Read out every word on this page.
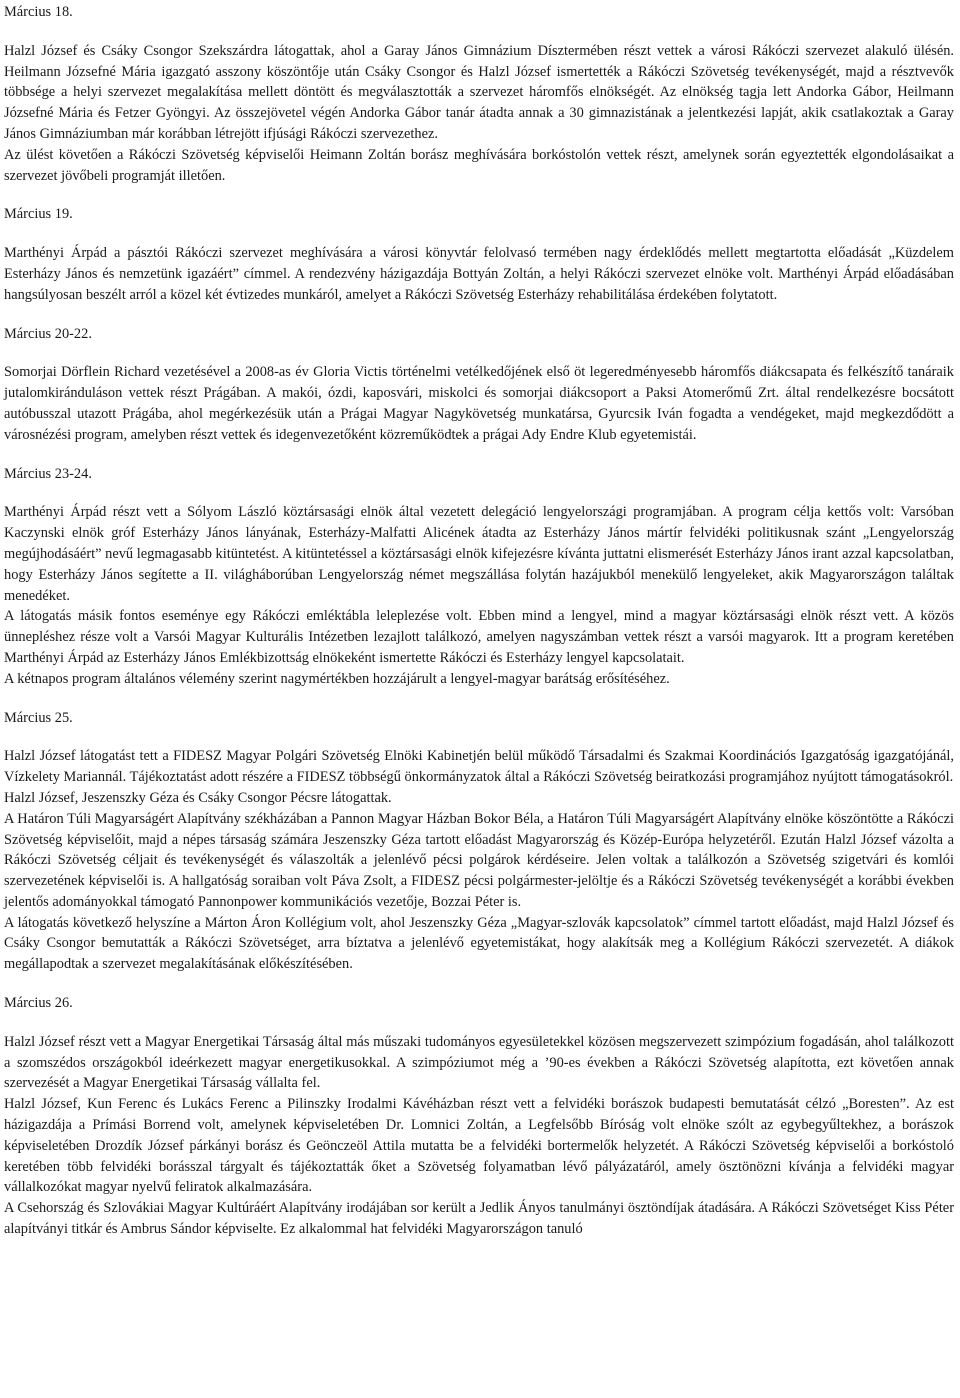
Március 18.

Halzl József és Csáky Csongor Szekszárdra látogattak, ahol a Garay János Gimnázium Dísztermében részt vettek a városi Rákóczi szervezet alakuló ülésén. Heilmann Józsefné Mária igazgató asszony köszöntője után Csáky Csongor és Halzl József ismertették a Rákóczi Szövetség tevékenységét, majd a résztvevők többsége a helyi szervezet megalakítása mellett döntött és megválasztották a szervezet háromfős elnökségét. Az elnökség tagja lett Andorka Gábor, Heilmann Józsefné Mária és Fetzer Gyöngyi. Az összejövetel végén Andorka Gábor tanár átadta annak a 30 gimnazistának a jelentkezési lapját, akik csatlakoztak a Garay János Gimnáziumban már korábban létrejött ifjúsági Rákóczi szervezethez.

Az ülést követően a Rákóczi Szövetség képviselői Heimann Zoltán borász meghívására borkóstolón vettek részt, amelynek során egyeztették elgondolásaikat a szervezet jövőbeli programját illetően.

Március 19.

Marthényi Árpád a pásztói Rákóczi szervezet meghívására a városi könyvtár felolvasó termében nagy érdeklődés mellett megtartotta előadását „Küzdelem Esterházy János és nemzetünk igazáért” címmel. A rendezvény házigazdája Bottyán Zoltán, a helyi Rákóczi szervezet elnöke volt. Marthényi Árpád előadásában hangsúlyosan beszélt arról a közel két évtizedes munkáról, amelyet a Rákóczi Szövetség Esterházy rehabilitálása érdekében folytatott.

Március 20-22.

Somorjai Dörflein Richard vezetésével a 2008-as év Gloria Victis történelmi vetélkedőjének első öt legeredményesebb háromfős diákcsapata és felkészítő tanáraik jutalomkiránduláson vettek részt Prágában. A makói, ózdi, kaposvári, miskolci és somorjai diákcsoport a Paksi Atomerőmű Zrt. által rendelkezésre bocsátott autóbusszal utazott Prágába, ahol megérkezésük után a Prágai Magyar Nagykövetség munkatársa, Gyurcsik Iván fogadta a vendégeket, majd megkezdődött a városnézési program, amelyben részt vettek és idegenvezetőként közreműködtek a prágai Ady Endre Klub egyetemistái.

Március 23-24.

Marthényi Árpád részt vett a Sólyom László köztársasági elnök által vezetett delegáció lengyelországi programjában. A program célja kettős volt: Varsóban Kaczynski elnök gróf Esterházy János lányának, Esterházy-Malfatti Alicének átadta az Esterházy János mártír felvidéki politikusnak szánt „Lengyelország megújhodásáért” nevű legmagasabb kitüntetést. A kitüntetéssel a köztársasági elnök kifejezésre kívánta juttatni elismerését Esterházy János irant azzal kapcsolatban, hogy Esterházy János segítette a II. világháborúban Lengyelország német megszállása folytán hazájukból menekülő lengyeleket, akik Magyarországon találtak menedéket.

A látogatás másik fontos eseménye egy Rákóczi emléktábla leleplezése volt. Ebben mind a lengyel, mind a magyar köztársasági elnök részt vett. A közös ünnepléshez része volt a Varsói Magyar Kulturális Intézetben lezajlott találkozó, amelyen nagyszámban vettek részt a varsói magyarok. Itt a program keretében Marthényi Árpád az Esterházy János Emlékbizottság elnökeként ismertette Rákóczi és Esterházy lengyel kapcsolatait.

A kétnapos program általános vélemény szerint nagymértékben hozzájárult a lengyel-magyar barátság erősítéséhez.

Március 25.

Halzl József látogatást tett a FIDESZ Magyar Polgári Szövetség Elnöki Kabinetjén belül működő Társadalmi és Szakmai Koordinációs Igazgatóság igazgatójánál, Vízkelety Mariannál. Tájékoztatást adott részére a FIDESZ többségű önkormányzatok által a Rákóczi Szövetség beiratkozási programjához nyújtott támogatásokról.

Halzl József, Jeszenszky Géza és Csáky Csongor Pécsre látogattak.

A Határon Túli Magyarságért Alapítvány székházában a Pannon Magyar Házban Bokor Béla, a Határon Túli Magyarságért Alapítvány elnöke köszöntötte a Rákóczi Szövetség képviselőit, majd a népes társaság számára Jeszenszky Géza tartott előadást Magyarország és Közép-Európa helyzetéről. Ezután Halzl József vázolta a Rákóczi Szövetség céljait és tevékenységét és válaszolták a jelenlévő pécsi polgárok kérdéseire. Jelen voltak a találkozón a Szövetség szigetvári és komlói szervezetének képviselői is. A hallgatóság soraiban volt Páva Zsolt, a FIDESZ pécsi polgármester-jelöltje és a Rákóczi Szövetség tevékenységét a korábbi években jelentős adományokkal támogató Pannonpower kommunikációs vezetője, Bozzai Péter is.

A látogatás következő helyszíne a Márton Áron Kollégium volt, ahol Jeszenszky Géza „Magyar-szlovák kapcsolatok” címmel tartott előadást, majd Halzl József és Csáky Csongor bemutatták a Rákóczi Szövetséget, arra bíztatva a jelenlévő egyetemistákat, hogy alakítsák meg a Kollégium Rákóczi szervezetét. A diákok megállapodtak a szervezet megalakításának előkészítésében.

Március 26.

Halzl József részt vett a Magyar Energetikai Társaság által más műszaki tudományos egyesületekkel közösen megszervezett szimpózium fogadásán, ahol találkozott a szomszédos országokból ideérkezett magyar energetikusokkal. A szimpóziumot még a ’90-es években a Rákóczi Szövetség alapította, ezt követően annak szervezését a Magyar Energetikai Társaság vállalta fel.

Halzl József, Kun Ferenc és Lukács Ferenc a Pilinszky Irodalmi Kávéházban részt vett a felvidéki borászok budapesti bemutatását célzó „Boresten”. Az est házigazdája a Prímási Borrend volt, amelynek képviseletében Dr. Lomnici Zoltán, a Legfelsőbb Bíróság volt elnöke szólt az egybegyűltekhez, a borászok képviseletében Drozdík József párkányi borász és Geönczeöl Attila mutatta be a felvidéki bortermelők helyzetét. A Rákóczi Szövetség képviselői a borkóstoló keretében több felvidéki borásszal tárgyalt és tájékoztatták őket a Szövetség folyamatban lévő pályázatáról, amely ösztönözni kívánja a felvidéki magyar vállalkozókat magyar nyelvű feliratok alkalmazására.

A Csehország és Szlovákiai Magyar Kultúráért Alapítvány irodájában sor került a Jedlik Ányos tanulmányi ösztöndíjak átadására. A Rákóczi Szövetséget Kiss Péter alapítványi titkár és Ambrus Sándor képviselte. Ez alkalommal hat felvidéki Magyarországon tanuló
